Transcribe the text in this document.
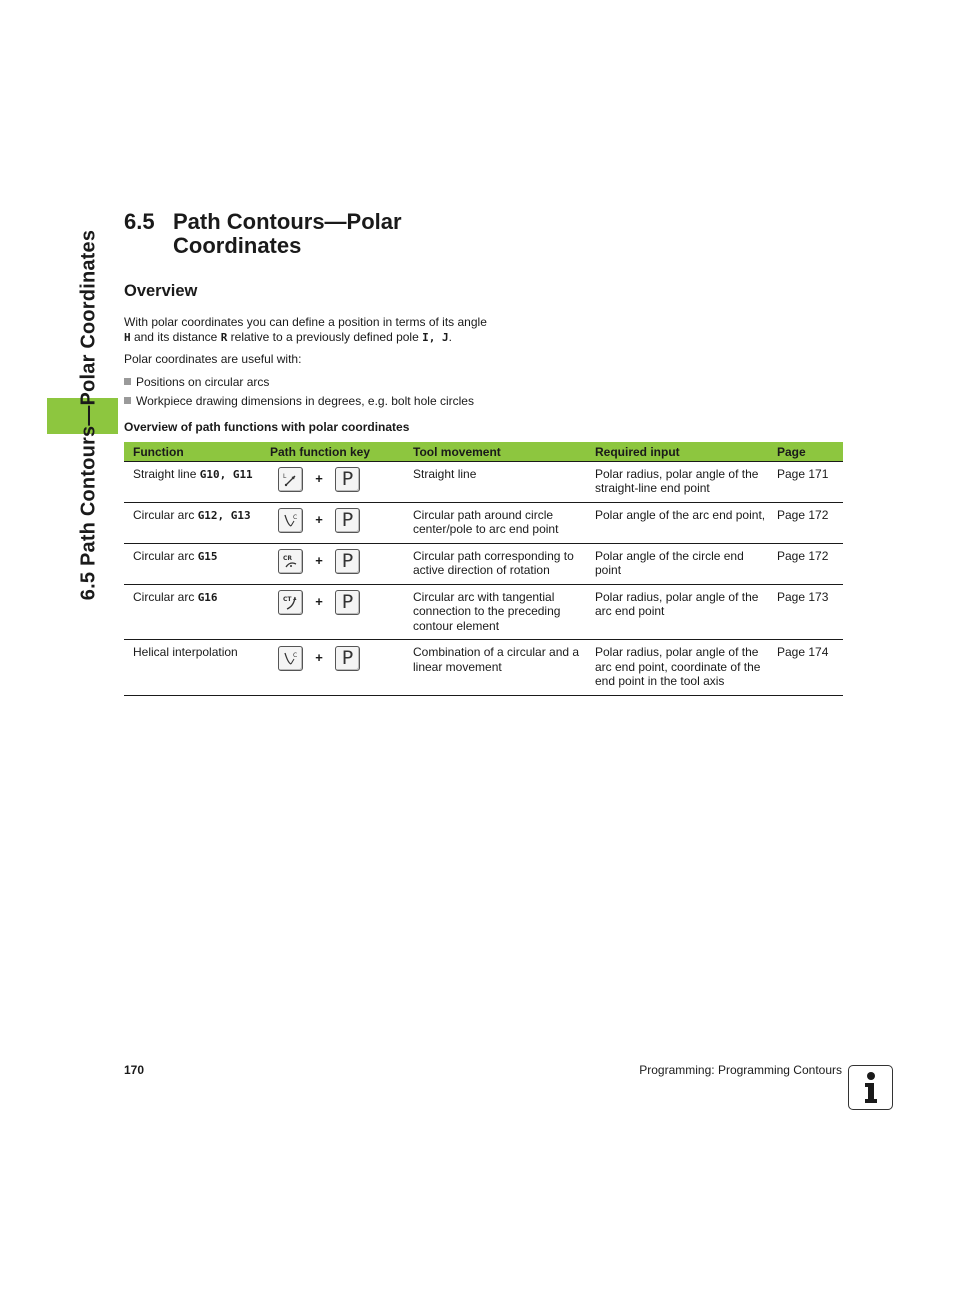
6.5 Path Contours—Polar Coordinates
6.5 Path Contours—Polar Coordinates
Overview

With polar coordinates you can define a position in terms of its angle
H and its distance R relative to a previously defined pole I, J.

Polar coordinates are useful with:

Positions on circular arcs
Workpiece drawing dimensions in degrees, e.g. bolt hole circles
Overview of path functions with polar coordinates
Function	Path function key	Tool movement	Required input	Page
Straight line G10, G11	L + P	Straight line	Polar radius, polar angle of the straight-line end point	Page 171
Circular arc G12, G13	C + P	Circular path around circle center/pole to arc end point	Polar angle of the arc end point,	Page 172
Circular arc G15	CR + P	Circular path corresponding to active direction of rotation	Polar angle of the circle end point	Page 172
Circular arc G16	CT + P	Circular arc with tangential connection to the preceding contour element	Polar radius, polar angle of the arc end point	Page 173
Helical interpolation	C + P	Combination of a circular and a linear movement	Polar radius, polar angle of the arc end point, coordinate of the end point in the tool axis	Page 174
170	Programming: Programming Contours
